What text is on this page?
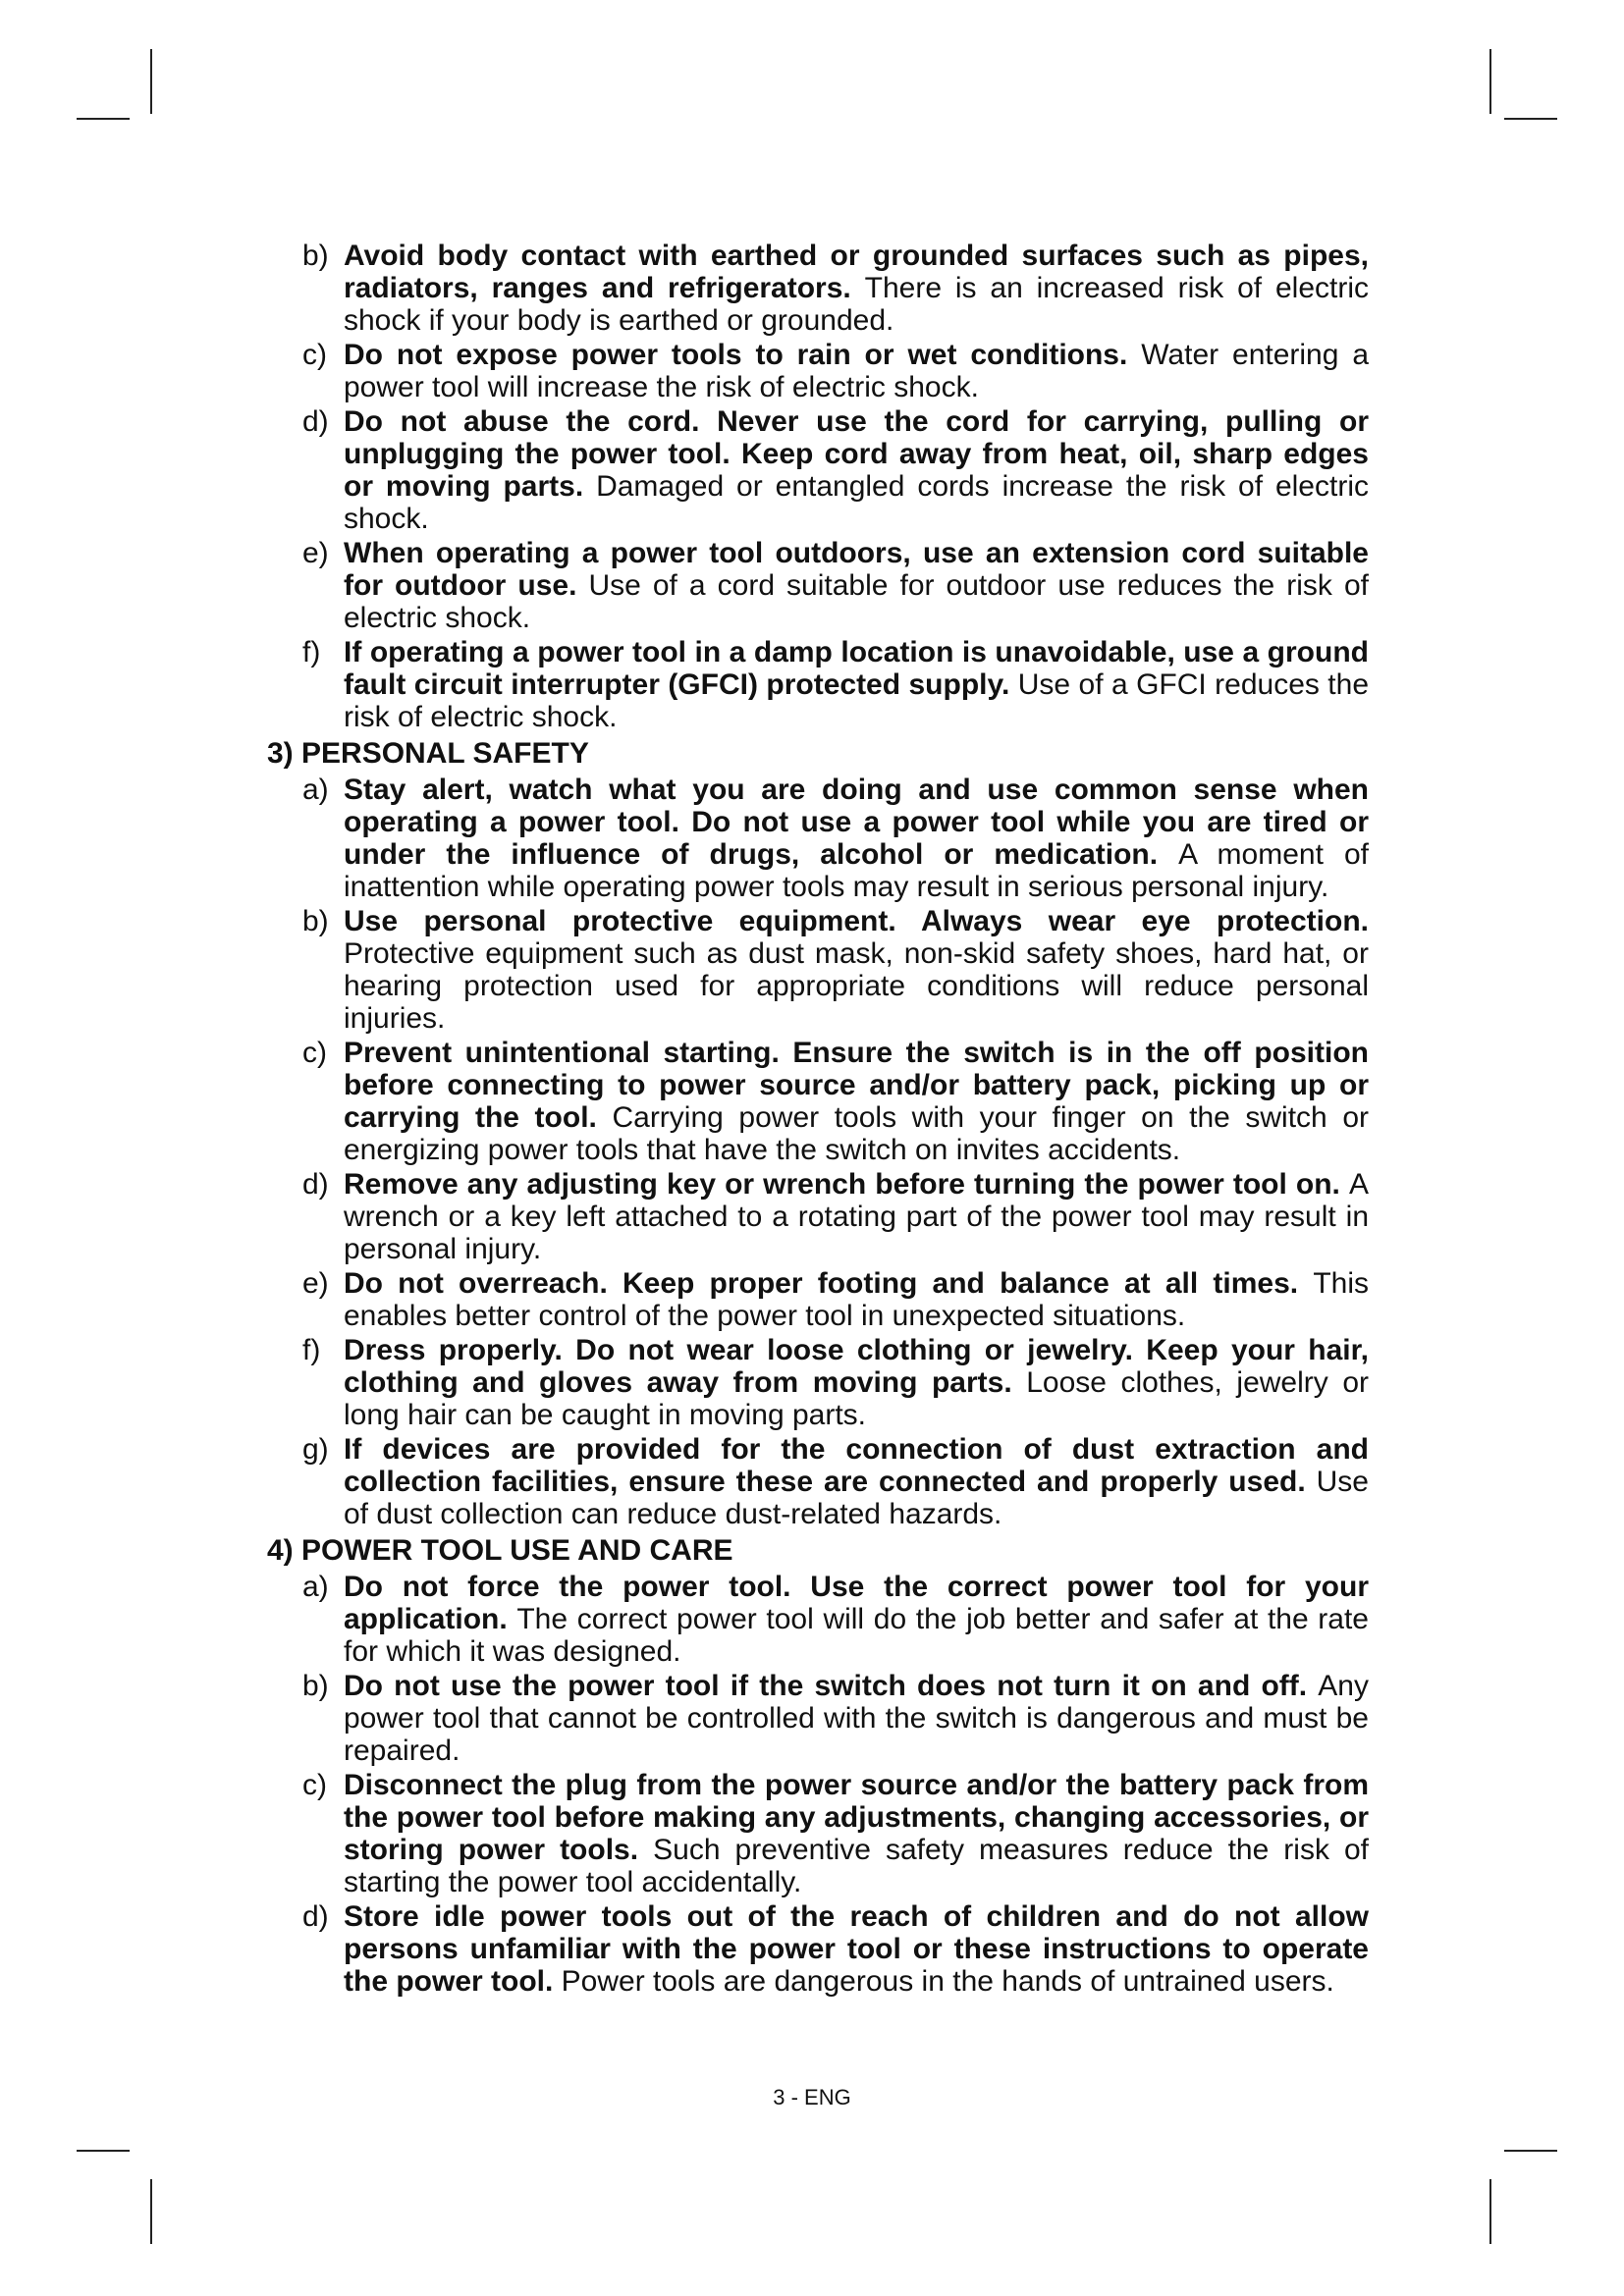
b) Avoid body contact with earthed or grounded surfaces such as pipes, radiators, ranges and refrigerators. There is an increased risk of electric shock if your body is earthed or grounded.
c) Do not expose power tools to rain or wet conditions. Water entering a power tool will increase the risk of electric shock.
d) Do not abuse the cord. Never use the cord for carrying, pulling or unplugging the power tool. Keep cord away from heat, oil, sharp edges or moving parts. Damaged or entangled cords increase the risk of electric shock.
e) When operating a power tool outdoors, use an extension cord suitable for outdoor use. Use of a cord suitable for outdoor use reduces the risk of electric shock.
f) If operating a power tool in a damp location is unavoidable, use a ground fault circuit interrupter (GFCI) protected supply. Use of a GFCI reduces the risk of electric shock.
3) PERSONAL SAFETY
a) Stay alert, watch what you are doing and use common sense when operating a power tool. Do not use a power tool while you are tired or under the influence of drugs, alcohol or medication. A moment of inattention while operating power tools may result in serious personal injury.
b) Use personal protective equipment. Always wear eye protection. Protective equipment such as dust mask, non-skid safety shoes, hard hat, or hearing protection used for appropriate conditions will reduce personal injuries.
c) Prevent unintentional starting. Ensure the switch is in the off position before connecting to power source and/or battery pack, picking up or carrying the tool. Carrying power tools with your finger on the switch or energizing power tools that have the switch on invites accidents.
d) Remove any adjusting key or wrench before turning the power tool on. A wrench or a key left attached to a rotating part of the power tool may result in personal injury.
e) Do not overreach. Keep proper footing and balance at all times. This enables better control of the power tool in unexpected situations.
f) Dress properly. Do not wear loose clothing or jewelry. Keep your hair, clothing and gloves away from moving parts. Loose clothes, jewelry or long hair can be caught in moving parts.
g) If devices are provided for the connection of dust extraction and collection facilities, ensure these are connected and properly used. Use of dust collection can reduce dust-related hazards.
4) POWER TOOL USE AND CARE
a) Do not force the power tool. Use the correct power tool for your application. The correct power tool will do the job better and safer at the rate for which it was designed.
b) Do not use the power tool if the switch does not turn it on and off. Any power tool that cannot be controlled with the switch is dangerous and must be repaired.
c) Disconnect the plug from the power source and/or the battery pack from the power tool before making any adjustments, changing accessories, or storing power tools. Such preventive safety measures reduce the risk of starting the power tool accidentally.
d) Store idle power tools out of the reach of children and do not allow persons unfamiliar with the power tool or these instructions to operate the power tool. Power tools are dangerous in the hands of untrained users.
3 - ENG
